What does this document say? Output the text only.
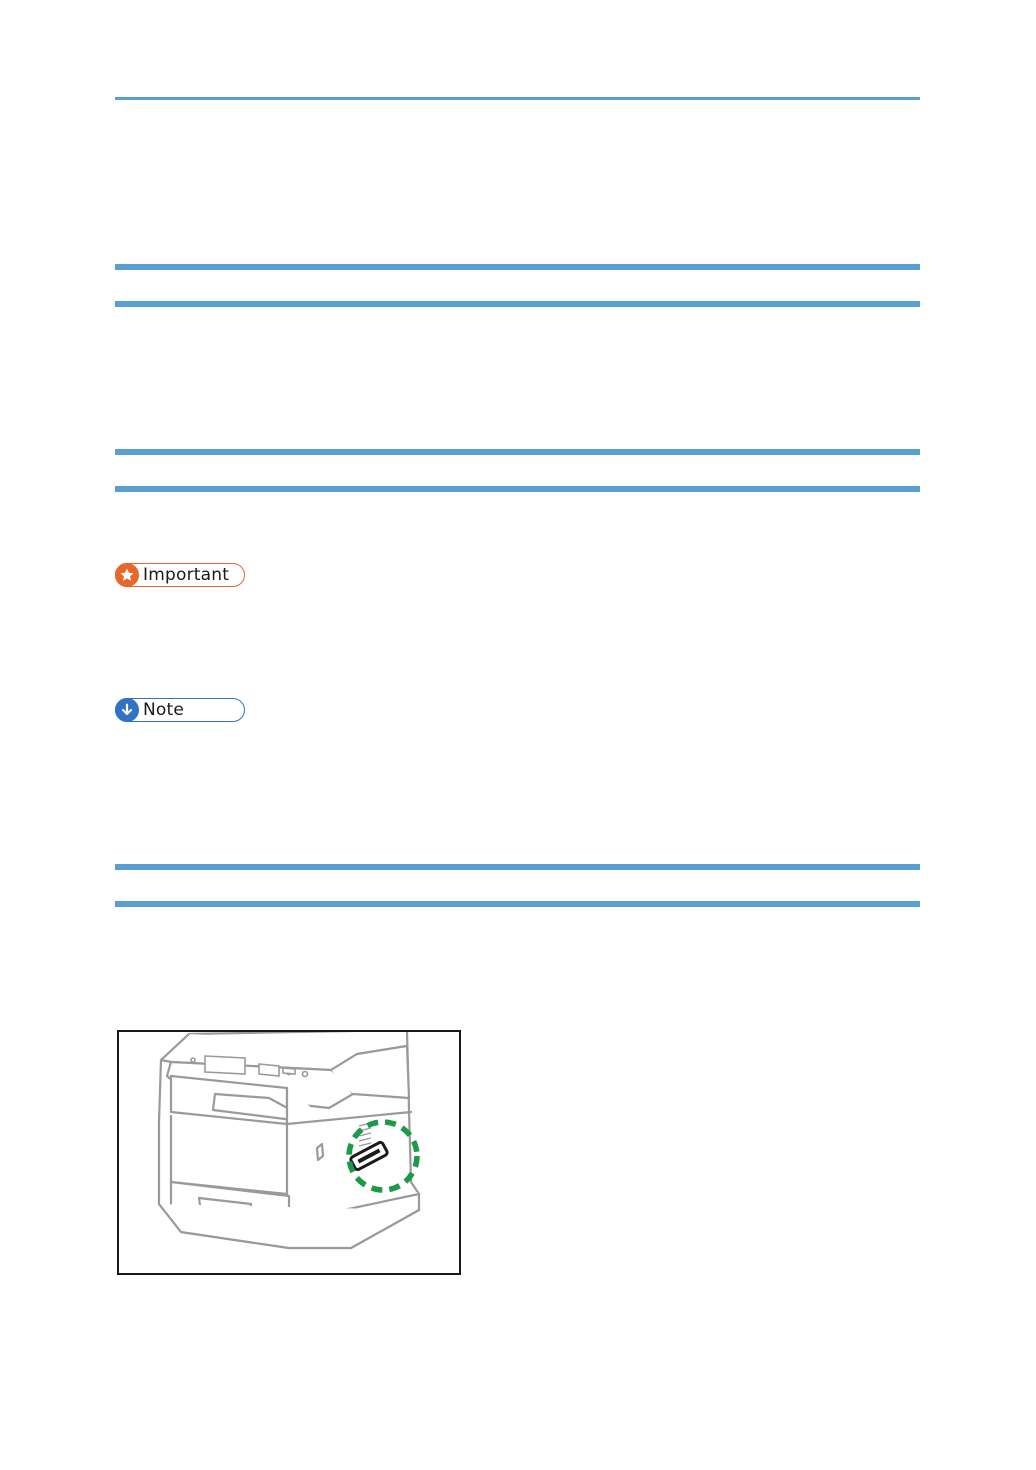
Important
Note
